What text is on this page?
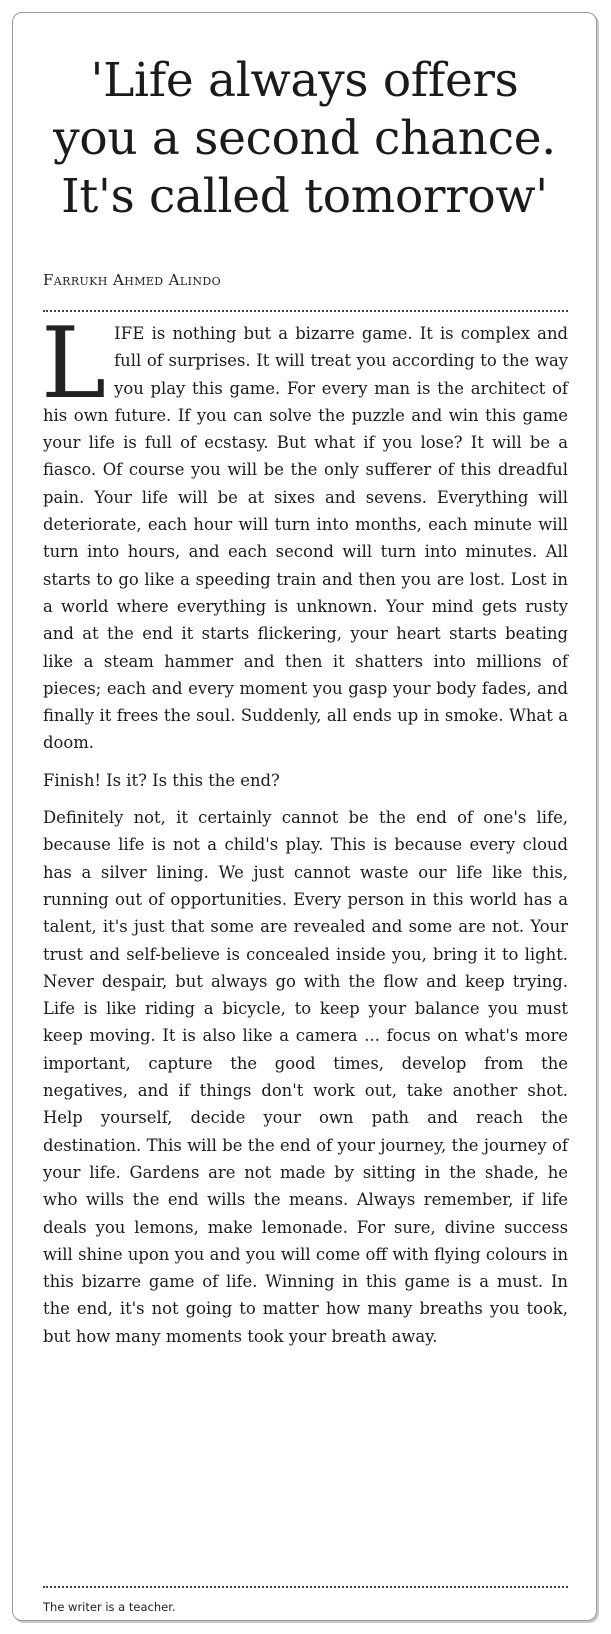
'Life always offers
you a second chance.
It's called tomorrow'
Farrukh Ahmed Alindo

LIFE is nothing but a bizarre game. It is complex and full of surprises. It will treat you according to the way you play this game. For every man is the architect of his own future. If you can solve the puzzle and win this game your life is full of ecstasy. But what if you lose? It will be a fiasco. Of course you will be the only sufferer of this dreadful pain. Your life will be at sixes and sevens. Everything will deteriorate, each hour will turn into months, each minute will turn into hours, and each second will turn into minutes. All starts to go like a speeding train and then you are lost. Lost in a world where everything is unknown. Your mind gets rusty and at the end it starts flickering, your heart starts beating like a steam hammer and then it shatters into millions of pieces; each and every moment you gasp your body fades, and finally it frees the soul. Suddenly, all ends up in smoke. What a doom.

Finish! Is it? Is this the end?

Definitely not, it certainly cannot be the end of one's life, because life is not a child's play. This is because every cloud has a silver lining. We just cannot waste our life like this, running out of opportunities. Every person in this world has a talent, it's just that some are revealed and some are not. Your trust and self-believe is concealed inside you, bring it to light. Never despair, but always go with the flow and keep trying. Life is like riding a bicycle, to keep your balance you must keep moving. It is also like a camera ... focus on what's more important, capture the good times, develop from the negatives, and if things don't work out, take another shot. Help yourself, decide your own path and reach the destination. This will be the end of your journey, the journey of your life. Gardens are not made by sitting in the shade, he who wills the end wills the means. Always remember, if life deals you lemons, make lemonade. For sure, divine success will shine upon you and you will come off with flying colours in this bizarre game of life. Winning in this game is a must. In the end, it's not going to matter how many breaths you took, but how many moments took your breath away.

The writer is a teacher.
